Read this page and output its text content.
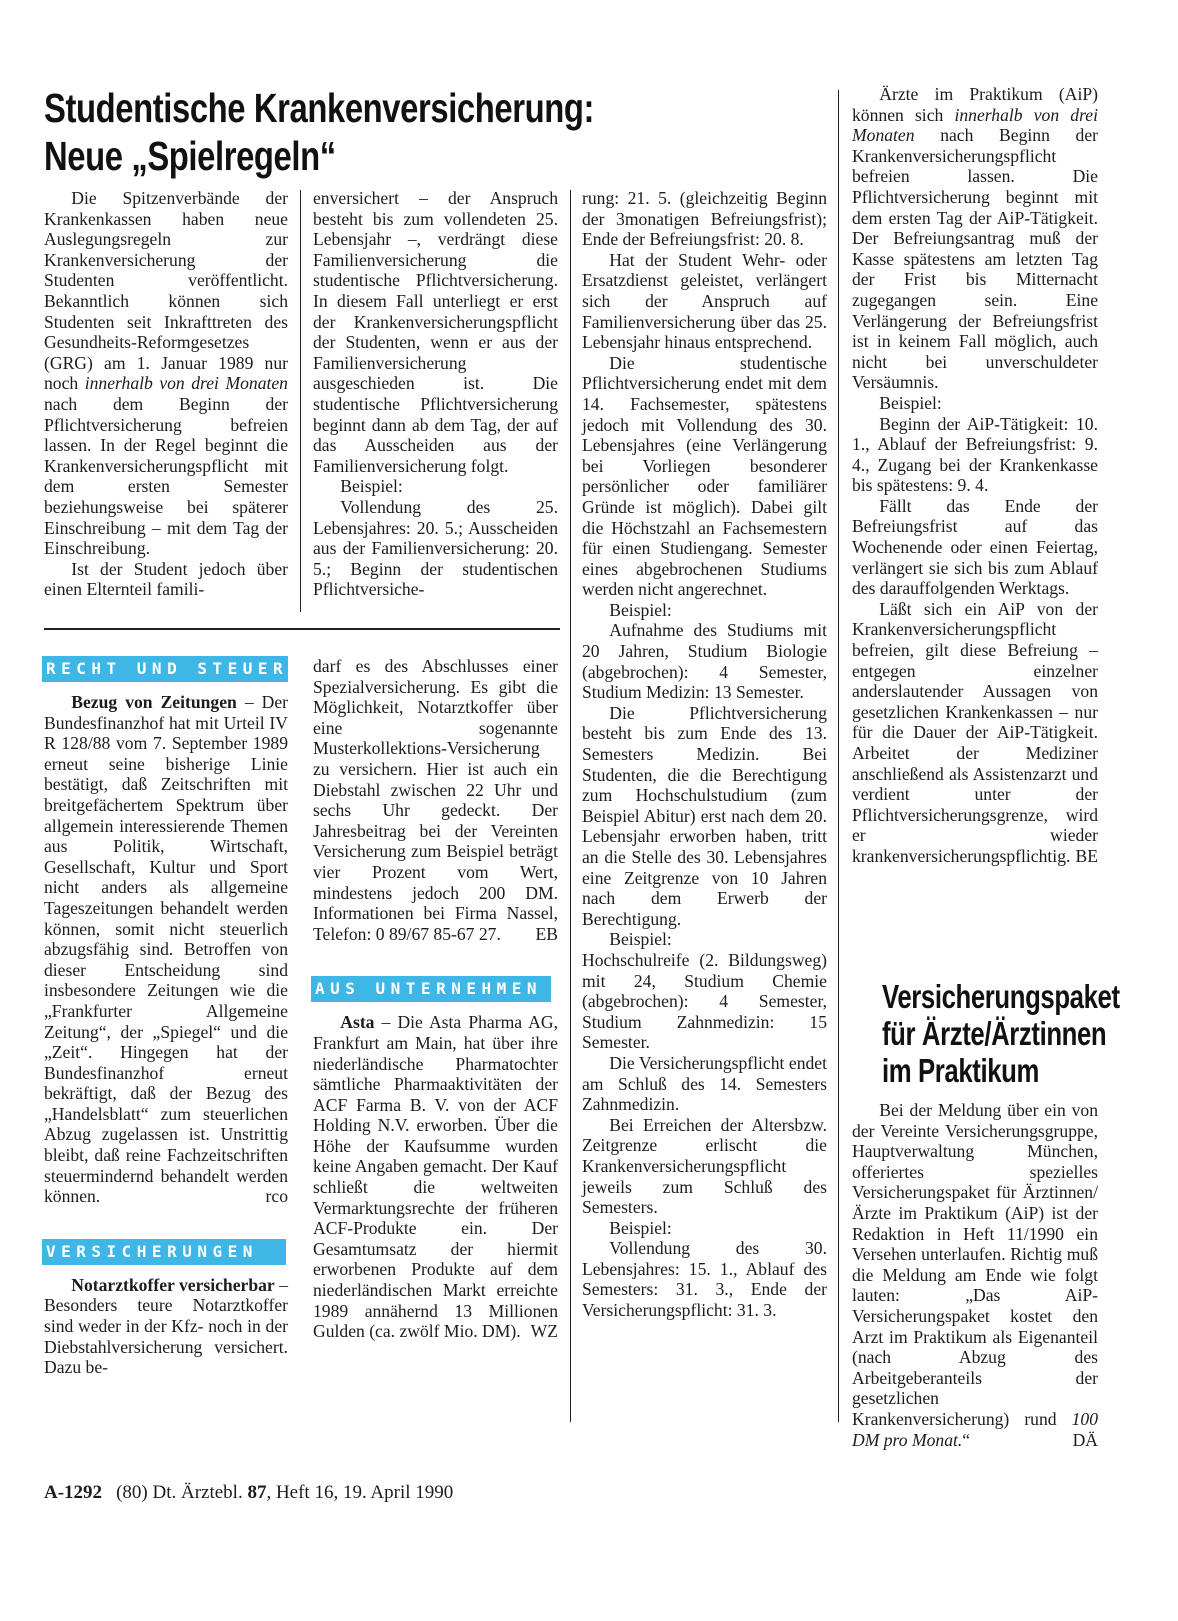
Studentische Krankenversicherung:
Neue „Spielregeln“

Die Spitzenverbände der Krankenkassen haben neue Auslegungsregeln zur Krankenversicherung der Studenten veröffentlicht. Bekanntlich können sich Studenten seit Inkrafttreten des Gesundheits-Reformgesetzes (GRG) am 1. Januar 1989 nur noch innerhalb von drei Monaten nach dem Beginn der Pflichtversicherung befreien lassen. In der Regel beginnt die Krankenversicherungspflicht mit dem ersten Semester beziehungsweise bei späterer Einschreibung – mit dem Tag der Einschreibung.

Ist der Student jedoch über einen Elternteil famili-

enversichert – der Anspruch besteht bis zum vollendeten 25. Lebensjahr –, verdrängt diese Familienversicherung die studentische Pflichtversicherung. In diesem Fall unterliegt er erst der Krankenversicherungspflicht der Studenten, wenn er aus der Familienversicherung ausgeschieden ist. Die studentische Pflichtversicherung beginnt dann ab dem Tag, der auf das Ausscheiden aus der Familienversicherung folgt.

Beispiel:

Vollendung des 25. Lebensjahres: 20. 5.; Ausscheiden aus der Familienversicherung: 20. 5.; Beginn der studentischen Pflichtversiche-

rung: 21. 5. (gleichzeitig Beginn der 3monatigen Befreiungsfrist); Ende der Befreiungsfrist: 20. 8.

Hat der Student Wehr- oder Ersatzdienst geleistet, verlängert sich der Anspruch auf Familienversicherung über das 25. Lebensjahr hinaus entsprechend.

Die studentische Pflichtversicherung endet mit dem 14. Fachsemester, spätestens jedoch mit Vollendung des 30. Lebensjahres (eine Verlängerung bei Vorliegen besonderer persönlicher oder familiärer Gründe ist möglich). Dabei gilt die Höchstzahl an Fachsemestern für einen Studiengang. Semester eines abgebrochenen Studiums werden nicht angerechnet.

Beispiel:

Aufnahme des Studiums mit 20 Jahren, Studium Biologie (abgebrochen): 4 Semester, Studium Medizin: 13 Semester.

Die Pflichtversicherung besteht bis zum Ende des 13. Semesters Medizin. Bei Studenten, die die Berechtigung zum Hochschulstudium (zum Beispiel Abitur) erst nach dem 20. Lebensjahr erworben haben, tritt an die Stelle des 30. Lebensjahres eine Zeitgrenze von 10 Jahren nach dem Erwerb der Berechtigung.

Beispiel:

Hochschulreife (2. Bildungsweg) mit 24, Studium Chemie (abgebrochen): 4 Semester, Studium Zahnmedizin: 15 Semester.

Die Versicherungspflicht endet am Schluß des 14. Semesters Zahnmedizin.

Bei Erreichen der Altersbzw. Zeitgrenze erlischt die Krankenversicherungspflicht jeweils zum Schluß des Semesters.

Beispiel:

Vollendung des 30. Lebensjahres: 15. 1., Ablauf des Semesters: 31. 3., Ende der Versicherungspflicht: 31. 3.

Ärzte im Praktikum (AiP) können sich innerhalb von drei Monaten nach Beginn der Krankenversicherungspflicht befreien lassen. Die Pflichtversicherung beginnt mit dem ersten Tag der AiP-Tätigkeit. Der Befreiungsantrag muß der Kasse spätestens am letzten Tag der Frist bis Mitternacht zugegangen sein. Eine Verlängerung der Befreiungsfrist ist in keinem Fall möglich, auch nicht bei unverschuldeter Versäumnis.

Beispiel:

Beginn der AiP-Tätigkeit: 10. 1., Ablauf der Befreiungsfrist: 9. 4., Zugang bei der Krankenkasse bis spätestens: 9. 4.

Fällt das Ende der Befreiungsfrist auf das Wochenende oder einen Feiertag, verlängert sie sich bis zum Ablauf des darauffolgenden Werktags.

Läßt sich ein AiP von der Krankenversicherungspflicht befreien, gilt diese Befreiung – entgegen einzelner anderslautender Aussagen von gesetzlichen Krankenkassen – nur für die Dauer der AiP-Tätigkeit. Arbeitet der Mediziner anschließend als Assistenzarzt und verdient unter der Pflichtversicherungsgrenze, wird er wieder krankenversicherungspflichtig. BE

RECHT UND STEUER

Bezug von Zeitungen – Der Bundesfinanzhof hat mit Urteil IV R 128/88 vom 7. September 1989 erneut seine bisherige Linie bestätigt, daß Zeitschriften mit breitgefächertem Spektrum über allgemein interessierende Themen aus Politik, Wirtschaft, Gesellschaft, Kultur und Sport nicht anders als allgemeine Tageszeitungen behandelt werden können, somit nicht steuerlich abzugsfähig sind. Betroffen von dieser Entscheidung sind insbesondere Zeitungen wie die „Frankfurter Allgemeine Zeitung“, der „Spiegel“ und die „Zeit“. Hingegen hat der Bundesfinanzhof erneut bekräftigt, daß der Bezug des „Handelsblatt“ zum steuerlichen Abzug zugelassen ist. Unstrittig bleibt, daß reine Fachzeitschriften steuermindernd behandelt werden können.	rco

VERSICHERUNGEN

Notarztkoffer versicherbar – Besonders teure Notarztkoffer sind weder in der Kfz- noch in der Diebstahlversicherung versichert. Dazu be-

darf es des Abschlusses einer Spezialversicherung. Es gibt die Möglichkeit, Notarztkoffer über eine sogenannte Musterkollektions-Versicherung zu versichern. Hier ist auch ein Diebstahl zwischen 22 Uhr und sechs Uhr gedeckt. Der Jahresbeitrag bei der Vereinten Versicherung zum Beispiel beträgt vier Prozent vom Wert, mindestens jedoch 200 DM. Informationen bei Firma Nassel, Telefon: 0 89/67 85-67 27. EB

AUS UNTERNEHMEN

Asta – Die Asta Pharma AG, Frankfurt am Main, hat über ihre niederländische Pharmatochter sämtliche Pharmaaktivitäten der ACF Farma B. V. von der ACF Holding N.V. erworben. Über die Höhe der Kaufsumme wurden keine Angaben gemacht. Der Kauf schließt die weltweiten Vermarktungsrechte der früheren ACF-Produkte ein. Der Gesamtumsatz der hiermit erworbenen Produkte auf dem niederländischen Markt erreichte 1989 annähernd 13 Millionen Gulden (ca. zwölf Mio. DM). WZ

Versicherungspaket
für Ärzte/Ärztinnen
im Praktikum

Bei der Meldung über ein von der Vereinte Versicherungsgruppe, Hauptverwaltung München, offeriertes spezielles Versicherungspaket für Ärztinnen/Ärzte im Praktikum (AiP) ist der Redaktion in Heft 11/1990 ein Versehen unterlaufen. Richtig muß die Meldung am Ende wie folgt lauten: „Das AiP-Versicherungspaket kostet den Arzt im Praktikum als Eigenanteil (nach Abzug des Arbeitgeberanteils der gesetzlichen Krankenversicherung) rund 100 DM pro Monat.“	DÄ

A-1292 (80) Dt. Ärztebl. 87, Heft 16, 19. April 1990
